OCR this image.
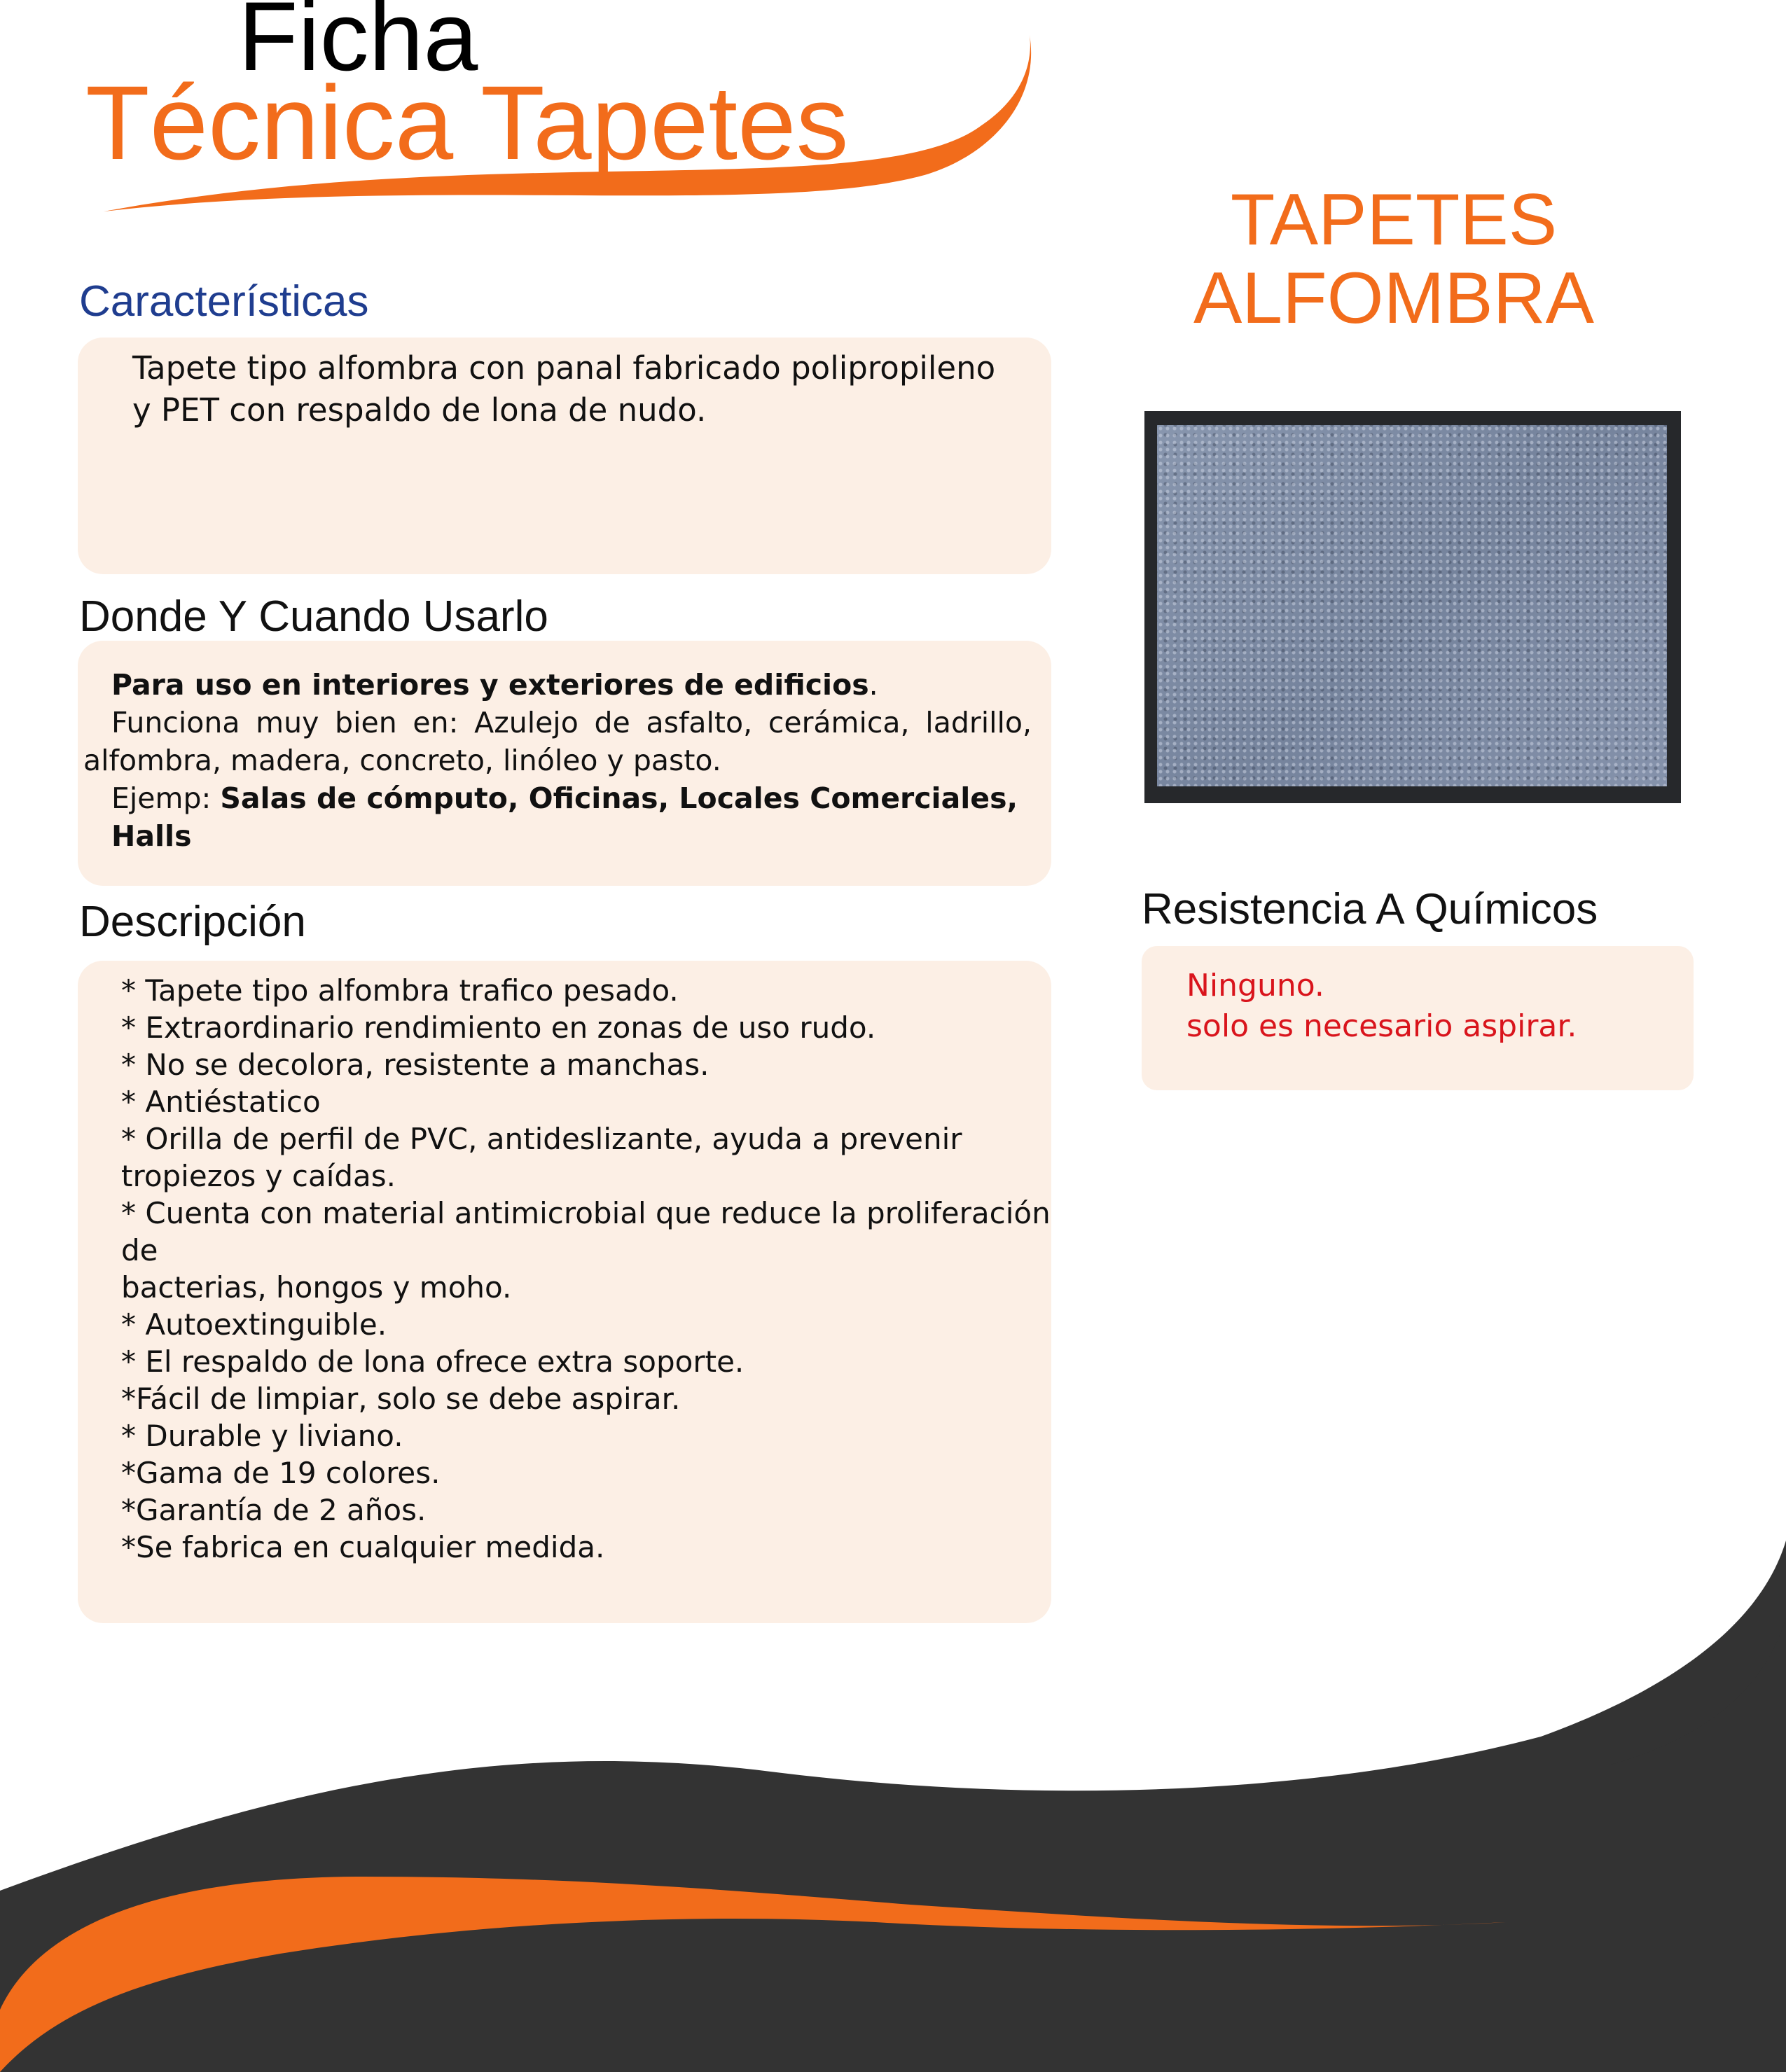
Ficha
Técnica Tapetes
TAPETES
ALFOMBRA
Características

Tapete tipo alfombra con panal fabricado polipropileno

y PET con respaldo de lona de nudo.

Donde Y Cuando Usarlo

Para uso en interiores y exteriores de edificios.

Funciona muy bien en: Azulejo de asfalto, cerámica, ladrillo,

alfombra, madera, concreto, linóleo y pasto.

Ejemp: Salas de cómputo, Oficinas, Locales Comerciales, Halls

Descripción
* Tapete tipo alfombra trafico pesado.
* Extraordinario rendimiento en zonas de uso rudo.
* No se decolora, resistente a manchas.
* Antiéstatico
* Orilla de perfil de PVC, antideslizante, ayuda a prevenir
tropiezos y caídas.
* Cuenta con material antimicrobial que reduce la proliferación de
bacterias, hongos y moho.
* Autoextinguible.
* El respaldo de lona ofrece extra soporte.
*Fácil de limpiar, solo se debe aspirar.
* Durable y liviano.
*Gama de 19 colores.
*Garantía de 2 años.
*Se fabrica en cualquier medida.
Resistencia A Químicos

Ninguno.

solo es necesario aspirar.
